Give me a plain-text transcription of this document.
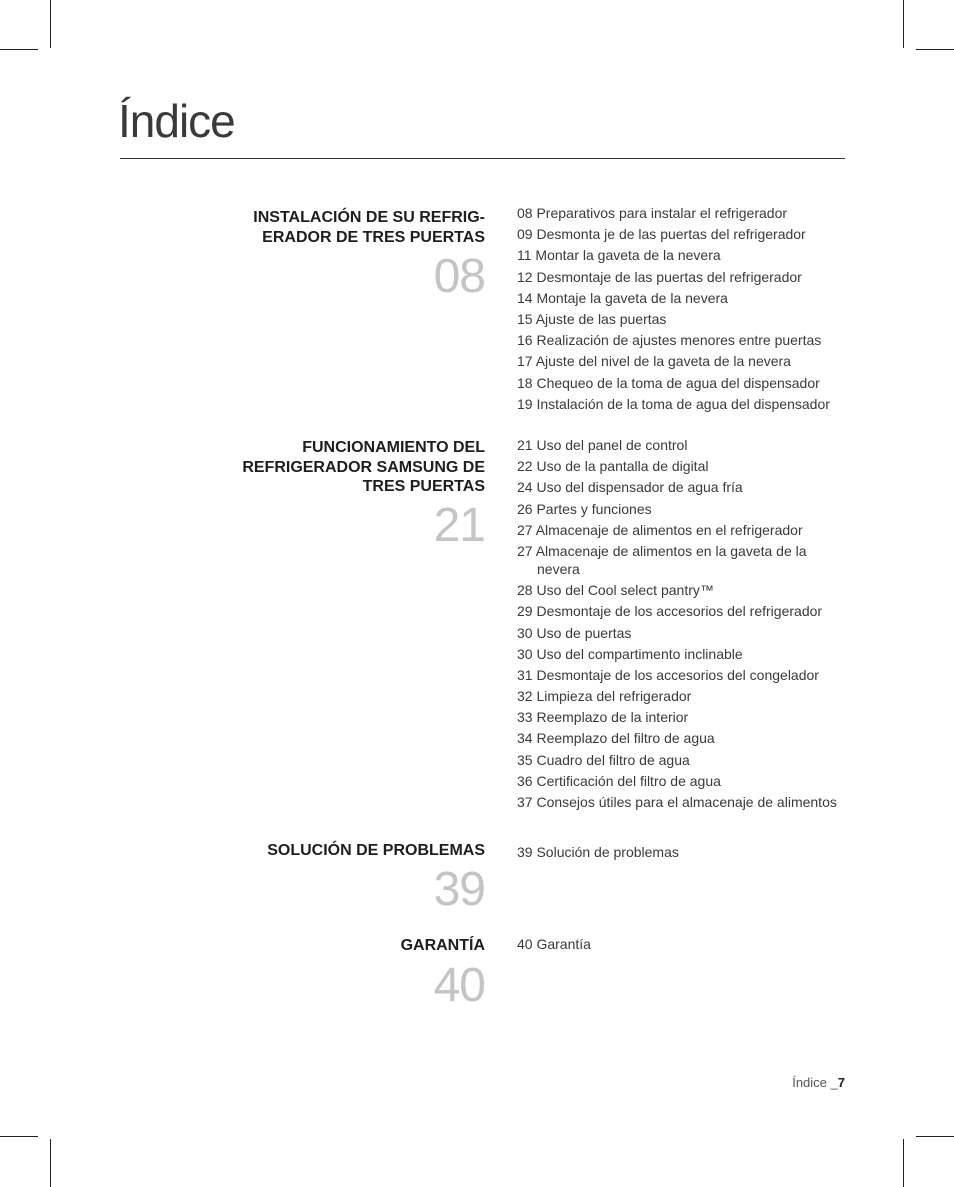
Índice
INSTALACIÓN DE SU REFRIG-
ERADOR DE TRES PUERTAS
08
08 Preparativos para instalar el refrigerador
09 Desmonta je de las puertas del refrigerador
11 Montar la gaveta de la nevera
12 Desmontaje de las puertas del refrigerador
14 Montaje la gaveta de la nevera
15 Ajuste de las puertas
16 Realización de ajustes menores entre puertas
17 Ajuste del nivel de la gaveta de la nevera
18 Chequeo de la toma de agua del dispensador
19 Instalación de la toma de agua del dispensador
FUNCIONAMIENTO DEL
REFRIGERADOR SAMSUNG DE
TRES PUERTAS
21
21 Uso del panel de control
22 Uso de la pantalla de digital
24 Uso del dispensador de agua fría
26 Partes y funciones
27 Almacenaje de alimentos en el refrigerador
27 Almacenaje de alimentos en la gaveta de la nevera
28 Uso del Cool select pantry™
29 Desmontaje de los accesorios del refrigerador
30 Uso de puertas
30 Uso del compartimento inclinable
31 Desmontaje de los accesorios del congelador
32 Limpieza del refrigerador
33 Reemplazo de la interior
34 Reemplazo del filtro de agua
35 Cuadro del filtro de agua
36 Certificación del filtro de agua
37 Consejos útiles para el almacenaje de alimentos
SOLUCIÓN DE PROBLEMAS
39
39 Solución de problemas
GARANTÍA
40
40 Garantía
Índice _7
